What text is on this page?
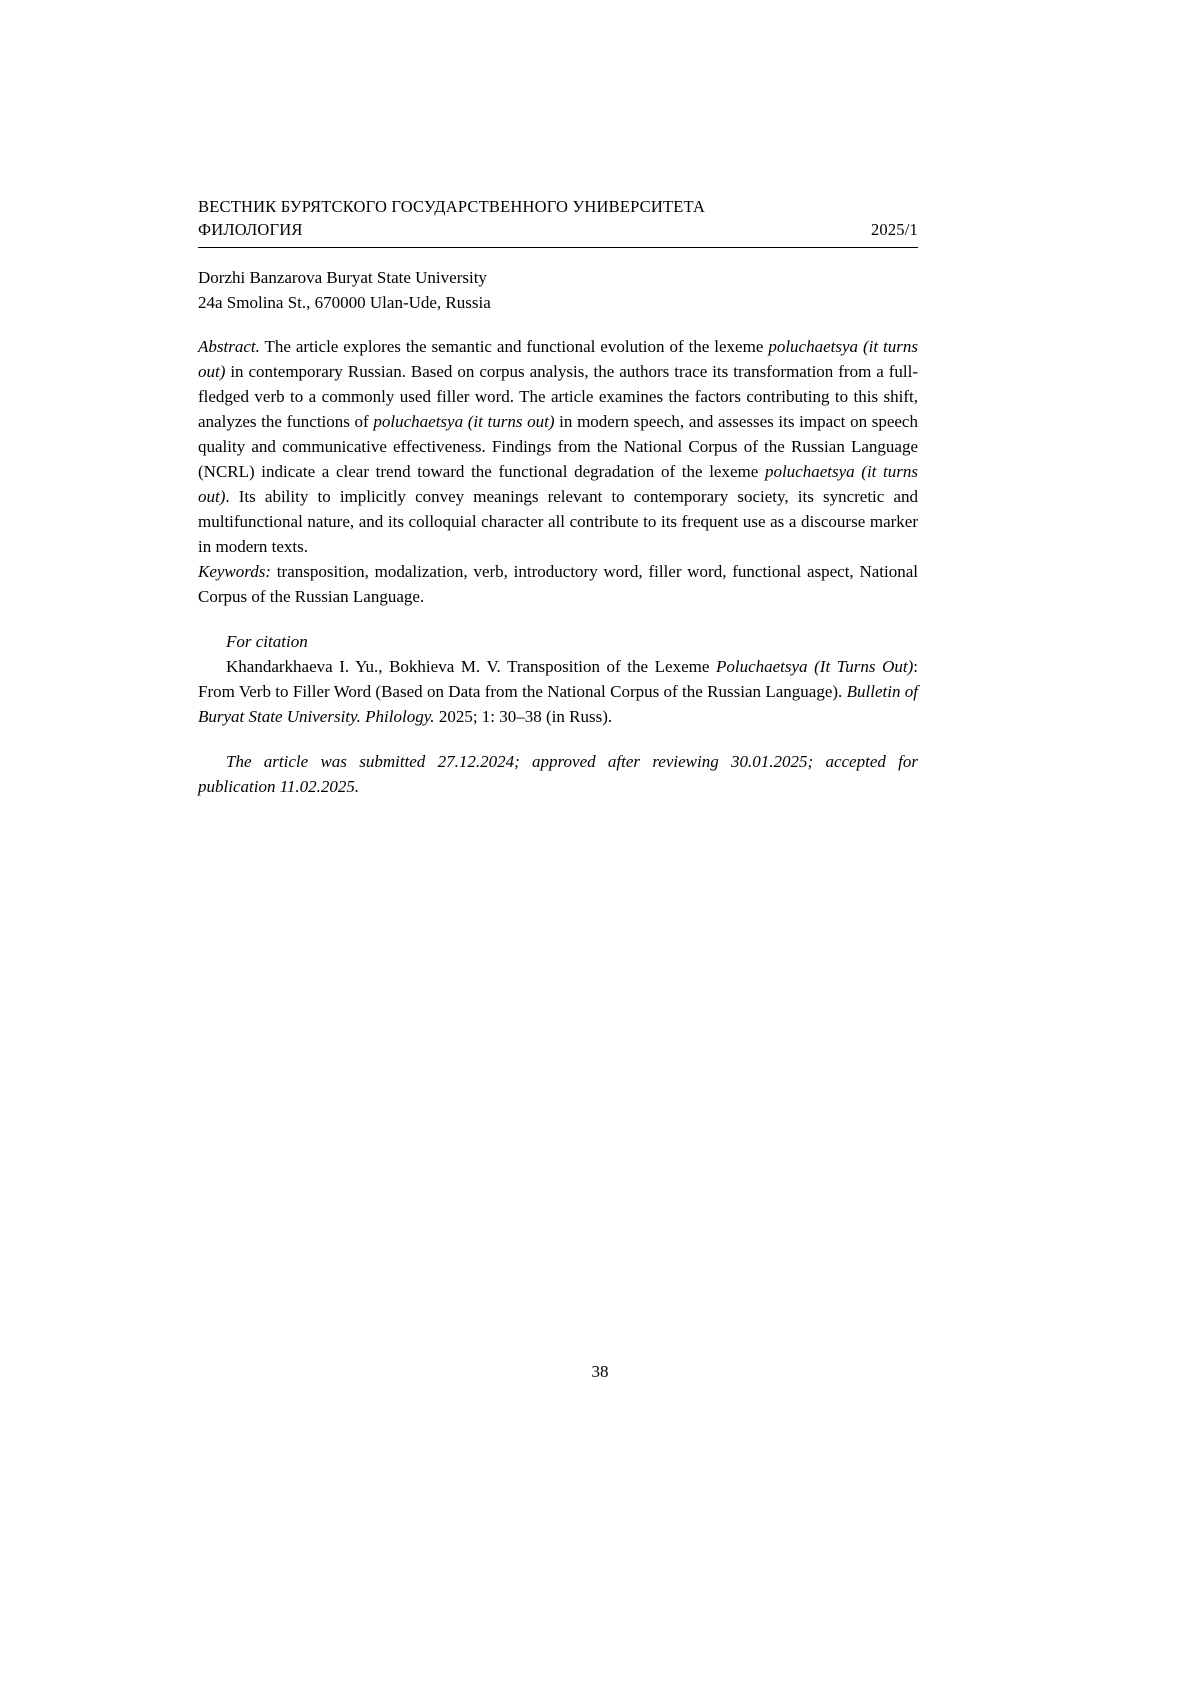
ВЕСТНИК БУРЯТСКОГО ГОСУДАРСТВЕННОГО УНИВЕРСИТЕТА
ФИЛОЛОГИЯ	2025/1
Dorzhi Banzarova Buryat State University
24a Smolina St., 670000 Ulan-Ude, Russia

Abstract. The article explores the semantic and functional evolution of the lexeme poluchaetsya (it turns out) in contemporary Russian. Based on corpus analysis, the authors trace its transformation from a full-fledged verb to a commonly used filler word. The article examines the factors contributing to this shift, analyzes the functions of poluchaetsya (it turns out) in modern speech, and assesses its impact on speech quality and communicative effectiveness. Findings from the National Corpus of the Russian Language (NCRL) indicate a clear trend toward the functional degradation of the lexeme poluchaetsya (it turns out). Its ability to implicitly convey meanings relevant to contemporary society, its syncretic and multifunctional nature, and its colloquial character all contribute to its frequent use as a discourse marker in modern texts.

Keywords: transposition, modalization, verb, introductory word, filler word, functional aspect, National Corpus of the Russian Language.

For citation

Khandarkhaeva I. Yu., Bokhieva M. V. Transposition of the Lexeme Poluchaetsya (It Turns Out): From Verb to Filler Word (Based on Data from the National Corpus of the Russian Language). Bulletin of Buryat State University. Philology. 2025; 1: 30–38 (in Russ).

The article was submitted 27.12.2024; approved after reviewing 30.01.2025; accepted for publication 11.02.2025.

38
